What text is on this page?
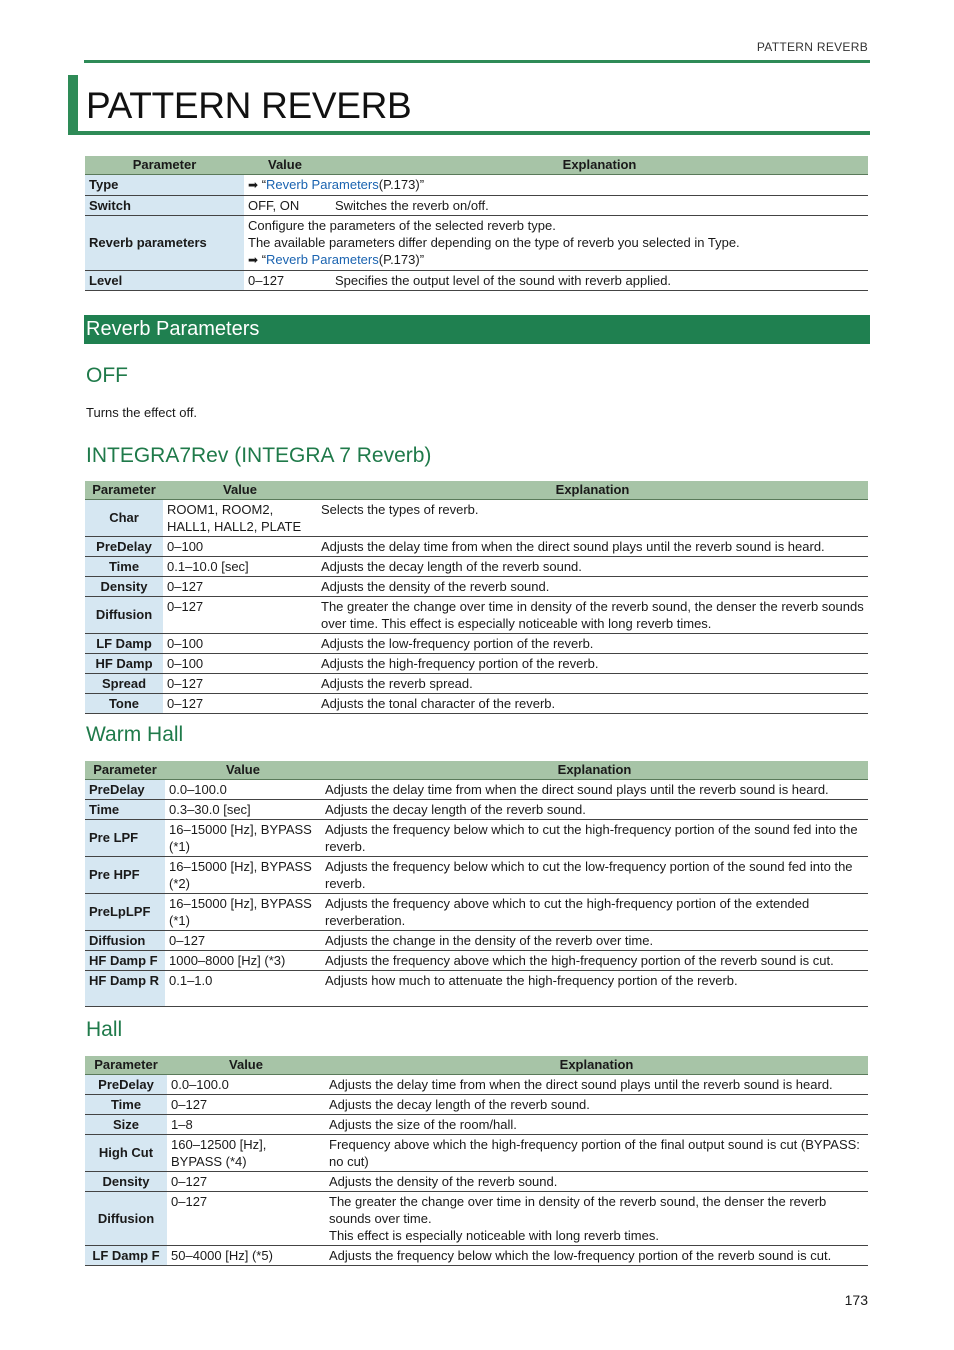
PATTERN REVERB
PATTERN REVERB
Parameter	Value	Explanation
Type	➡ “Reverb Parameters(P.173)”	
Switch	OFF, ON	Switches the reverb on/off.
Reverb parameters	Configure the parameters of the selected reverb type.
The available parameters differ depending on the type of reverb you selected in Type.
➡ “Reverb Parameters(P.173)”	

Level	0–127	Specifies the output level of the sound with reverb applied.
Reverb Parameters
OFF
Turns the effect off.
INTEGRA7Rev (INTEGRA 7 Reverb)
Parameter	Value	Explanation
Char	ROOM1, ROOM2, HALL1, HALL2, PLATE	Selects the types of reverb.
PreDelay	0–100	Adjusts the delay time from when the direct sound plays until the reverb sound is heard.
Time	0.1–10.0 [sec]	Adjusts the decay length of the reverb sound.
Density	0–127	Adjusts the density of the reverb sound.
Diffusion	0–127	The greater the change over time in density of the reverb sound, the denser the reverb sounds over time. This effect is especially noticeable with long reverb times.
LF Damp	0–100	Adjusts the low-frequency portion of the reverb.
HF Damp	0–100	Adjusts the high-frequency portion of the reverb.
Spread	0–127	Adjusts the reverb spread.
Tone	0–127	Adjusts the tonal character of the reverb.
Warm Hall
Parameter	Value	Explanation
PreDelay	0.0–100.0	Adjusts the delay time from when the direct sound plays until the reverb sound is heard.
Time	0.3–30.0 [sec]	Adjusts the decay length of the reverb sound.
Pre LPF	16–15000 [Hz], BYPASS (*1)	Adjusts the frequency below which to cut the high-frequency portion of the sound fed into the reverb.
Pre HPF	16–15000 [Hz], BYPASS (*2)	Adjusts the frequency below which to cut the low-frequency portion of the sound fed into the reverb.
PreLpLPF	16–15000 [Hz], BYPASS (*1)	Adjusts the frequency above which to cut the high-frequency portion of the extended reverberation.
Diffusion	0–127	Adjusts the change in the density of the reverb over time.
HF Damp F	1000–8000 [Hz] (*3)	Adjusts the frequency above which the high-frequency portion of the reverb sound is cut.
HF Damp R	0.1–1.0	Adjusts how much to attenuate the high-frequency portion of the reverb.
Hall
Parameter	Value	Explanation
PreDelay	0.0–100.0	Adjusts the delay time from when the direct sound plays until the reverb sound is heard.
Time	0–127	Adjusts the decay length of the reverb sound.
Size	1–8	Adjusts the size of the room/hall.
High Cut	160–12500 [Hz], BYPASS (*4)	Frequency above which the high-frequency portion of the final output sound is cut (BYPASS: no cut)
Density	0–127	Adjusts the density of the reverb sound.
Diffusion	0–127	The greater the change over time in density of the reverb sound, the denser the reverb sounds over time.
This effect is especially noticeable with long reverb times.

LF Damp F	50–4000 [Hz] (*5)	Adjusts the frequency below which the low-frequency portion of the reverb sound is cut.
173
